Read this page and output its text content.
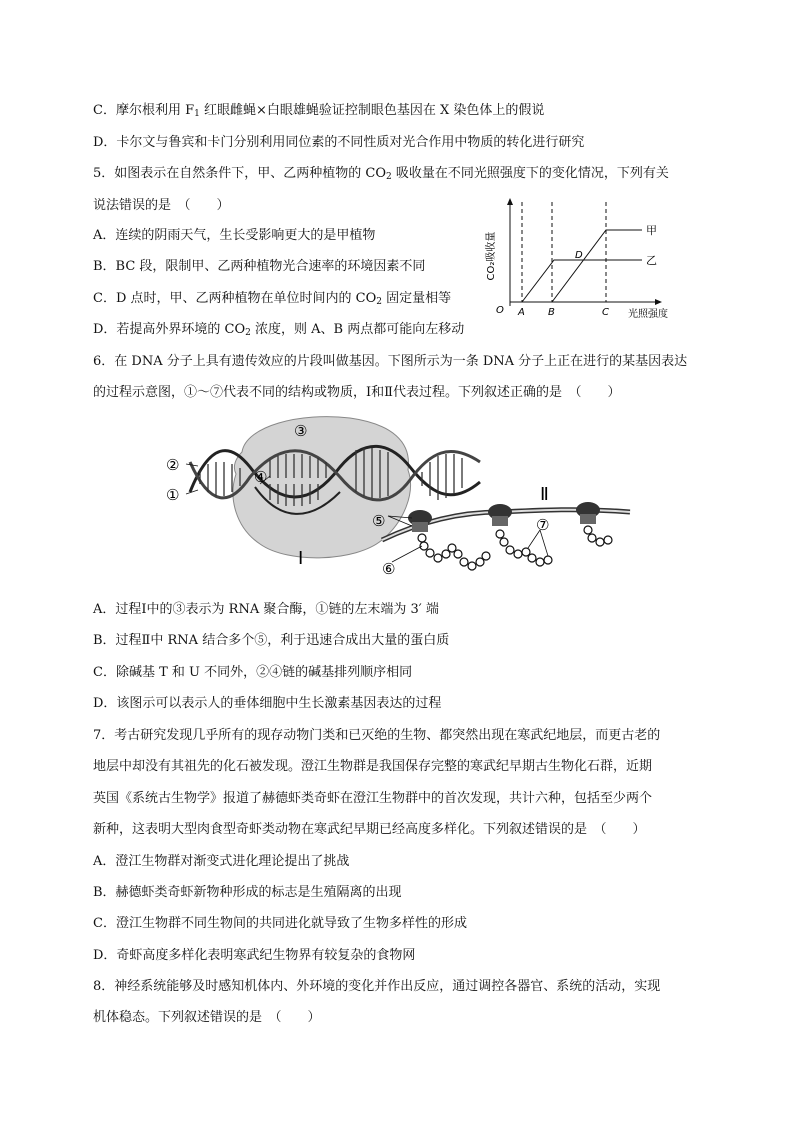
C．摩尔根利用 $F_1$ 红眼雌蝇×白眼雄蝇验证控制眼色基因在 X 染色体上的假说
D．卡尔文与鲁宾和卡门分别利用同位素的不同性质对光合作用中物质的转化进行研究
5．如图表示在自然条件下，甲、乙两种植物的 $CO_2$ 吸收量在不同光照强度下的变化情况，下列有关
说法错误的是　（　　）
A．连续的阴雨天气，生长受影响更大的是甲植物
B．BC 段，限制甲、乙两种植物光合速率的环境因素不同
C．D 点时，甲、乙两种植物在单位时间内的 $CO_2$ 固定量相等
D．若提高外界环境的 $CO_2$ 浓度，则 A、B 两点都可能向左移动
CO₂吸收量
甲
乙
D
O A B	C 光照强度
6．在 DNA 分子上具有遗传效应的片段叫做基因。下图所示为一条 DNA 分子上正在进行的某基因表达
的过程示意图，①～⑦代表不同的结构或物质，Ⅰ和Ⅱ代表过程。下列叙述正确的是　（　　）
①
②
③
④
⑤
⑥
⑦
Ⅰ
Ⅱ
A．过程Ⅰ中的③表示为 RNA 聚合酶，①链的左末端为 3′ 端
B．过程Ⅱ中 RNA 结合多个⑤，利于迅速合成出大量的蛋白质
C．除碱基 T 和 U 不同外，②④链的碱基排列顺序相同
D．该图示可以表示人的垂体细胞中生长激素基因表达的过程
7．考古研究发现几乎所有的现存动物门类和已灭绝的生物、都突然出现在寒武纪地层，而更古老的
地层中却没有其祖先的化石被发现。澄江生物群是我国保存完整的寒武纪早期古生物化石群，近期
英国《系统古生物学》报道了赫德虾类奇虾在澄江生物群中的首次发现，共计六种，包括至少两个
新种，这表明大型肉食型奇虾类动物在寒武纪早期已经高度多样化。下列叙述错误的是　（　　）
A．澄江生物群对渐变式进化理论提出了挑战
B．赫德虾类奇虾新物种形成的标志是生殖隔离的出现
C．澄江生物群不同生物间的共同进化就导致了生物多样性的形成
D．奇虾高度多样化表明寒武纪生物界有较复杂的食物网
8．神经系统能够及时感知机体内、外环境的变化并作出反应，通过调控各器官、系统的活动，实现
机体稳态。下列叙述错误的是　（　　）
